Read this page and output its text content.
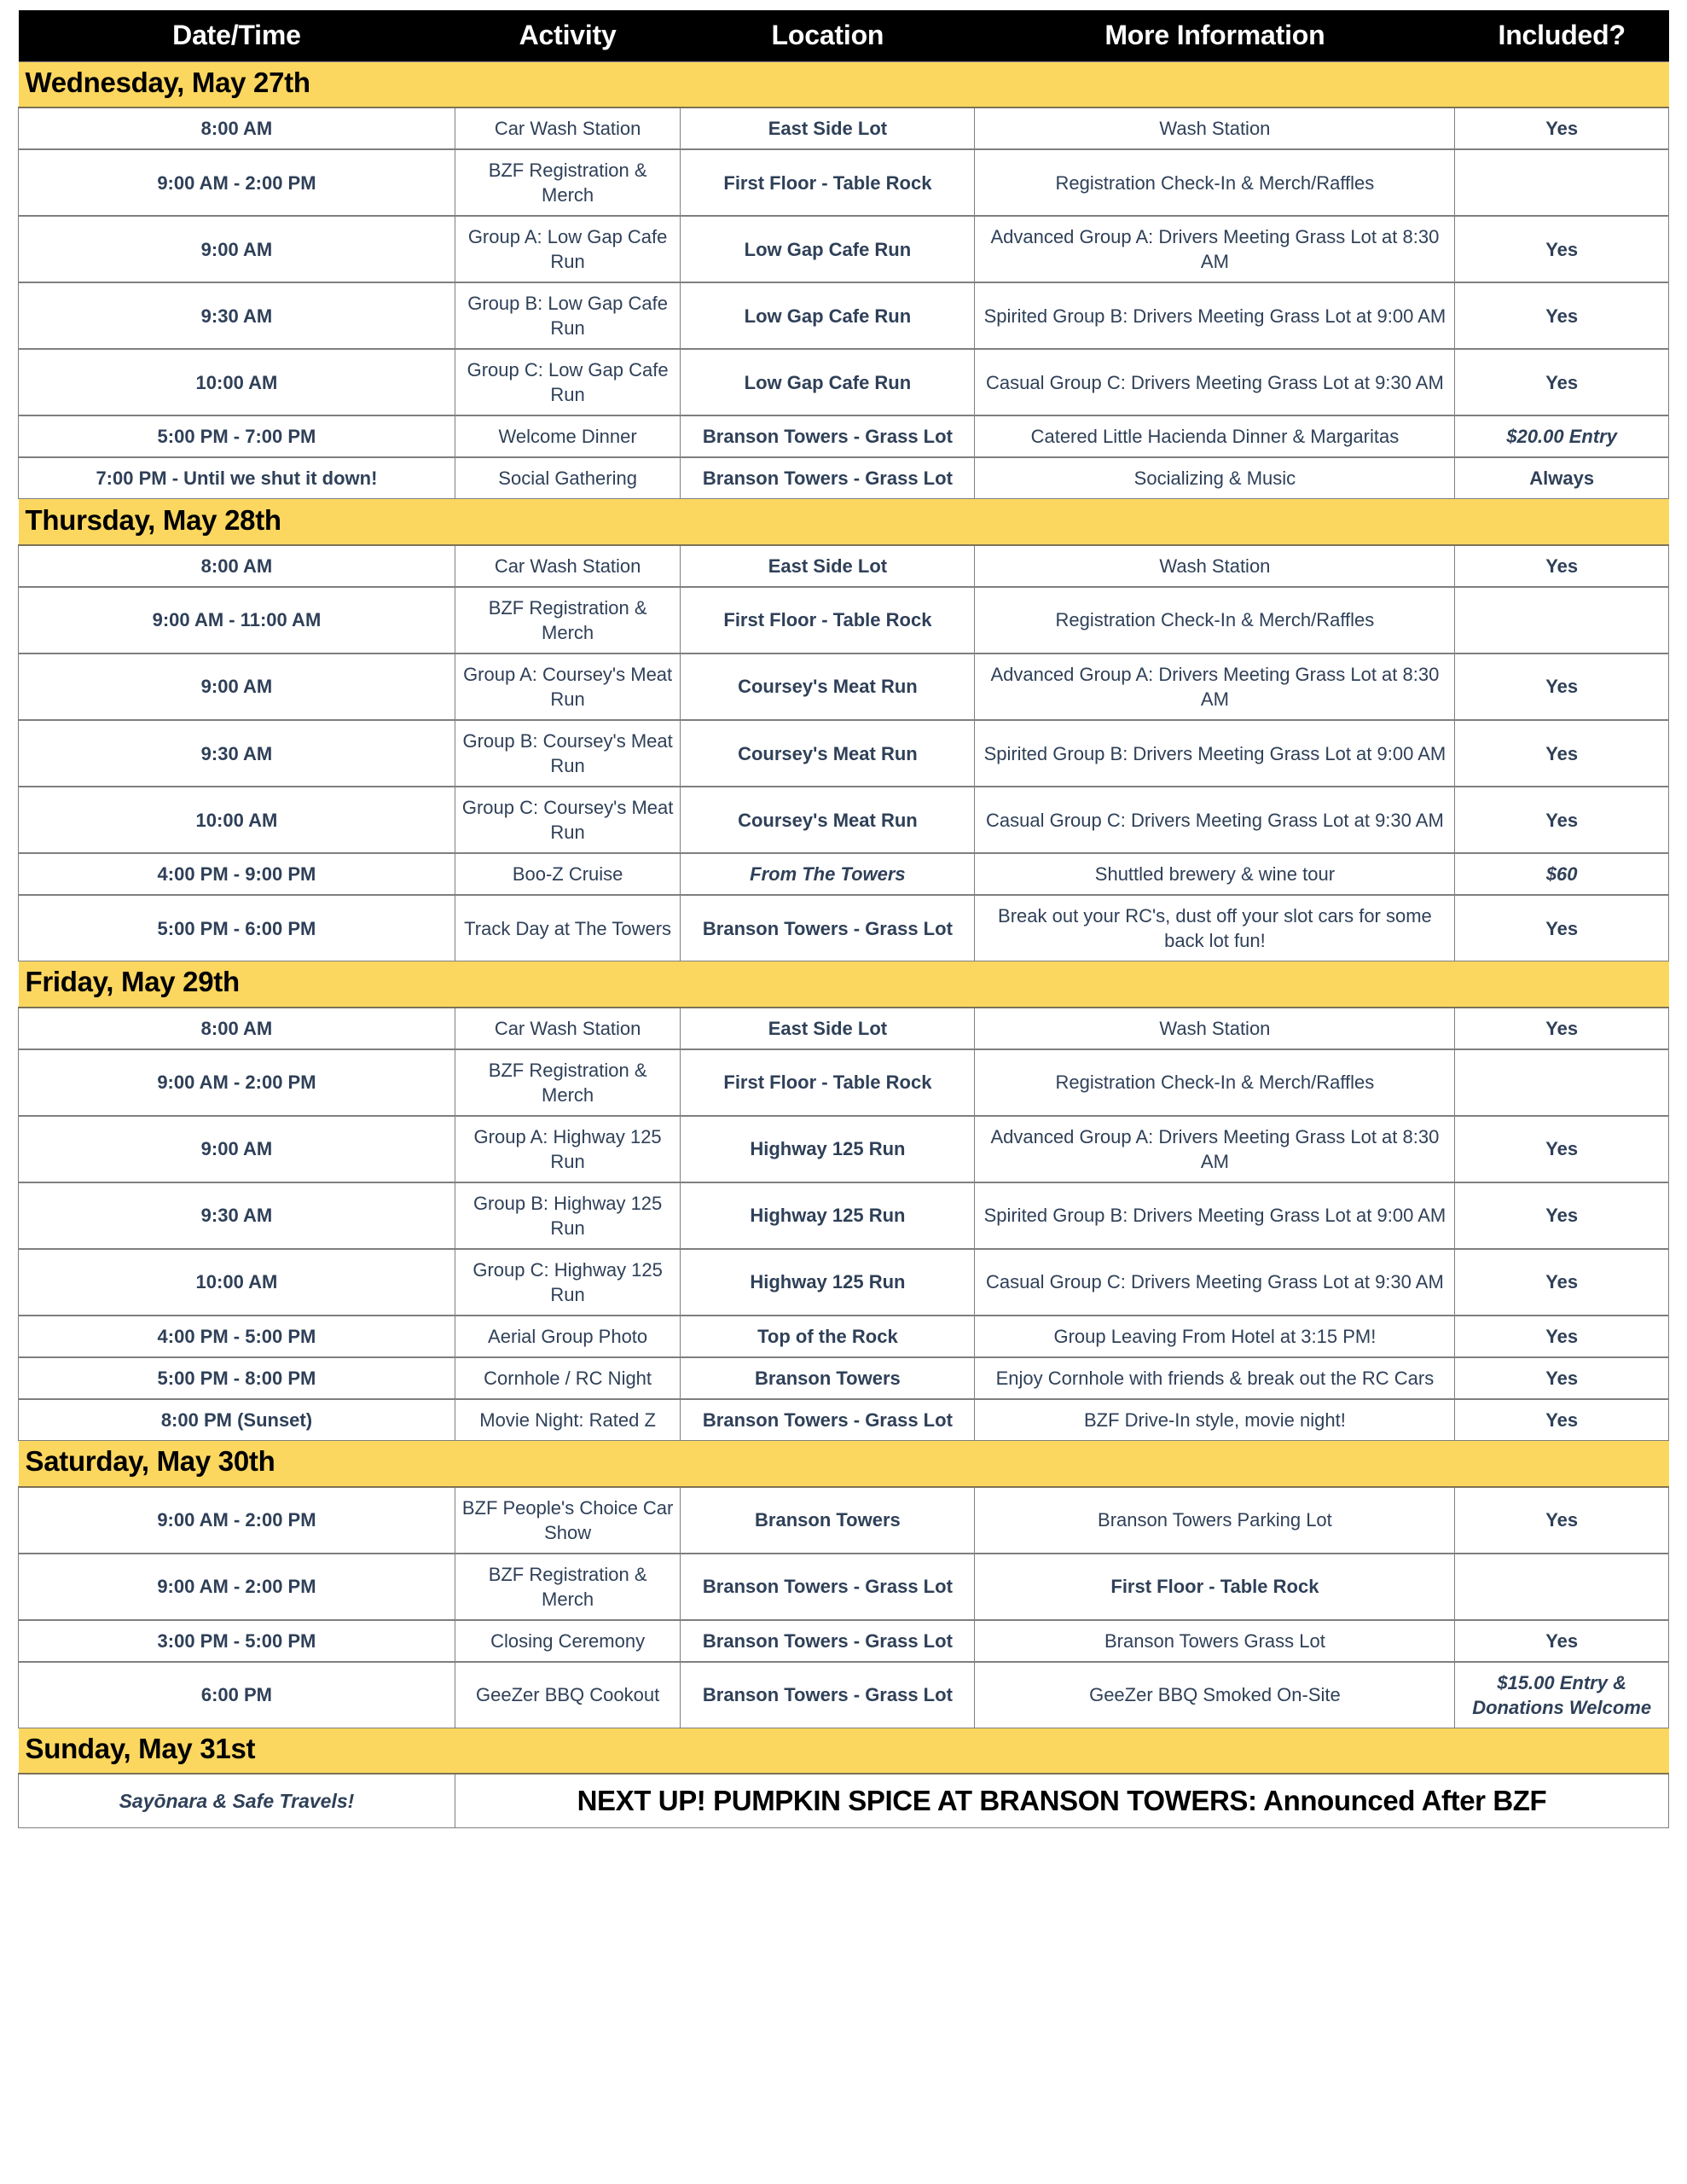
Date/Time	Activity	Location	More Information	Included?
Wednesday, May 27th				
8:00 AM	Car Wash Station	East Side Lot	Wash Station	Yes
9:00 AM - 2:00 PM	BZF Registration & Merch	First Floor - Table Rock	Registration Check-In & Merch/Raffles	
9:00 AM	Group A: Low Gap Cafe Run	Low Gap Cafe Run	Advanced Group A: Drivers Meeting Grass Lot at 8:30 AM	Yes
9:30 AM	Group B: Low Gap Cafe Run	Low Gap Cafe Run	Spirited Group B: Drivers Meeting Grass Lot at 9:00 AM	Yes
10:00 AM	Group C: Low Gap Cafe Run	Low Gap Cafe Run	Casual Group C: Drivers Meeting Grass Lot at 9:30 AM	Yes
5:00 PM - 7:00 PM	Welcome Dinner	Branson Towers - Grass Lot	Catered Little Hacienda Dinner & Margaritas	$20.00 Entry
7:00 PM - Until we shut it down!	Social Gathering	Branson Towers - Grass Lot	Socializing & Music	Always
Thursday, May 28th				
8:00 AM	Car Wash Station	East Side Lot	Wash Station	Yes
9:00 AM - 11:00 AM	BZF Registration & Merch	First Floor - Table Rock	Registration Check-In & Merch/Raffles	
9:00 AM	Group A: Coursey's Meat Run	Coursey's Meat Run	Advanced Group A: Drivers Meeting Grass Lot at 8:30 AM	Yes
9:30 AM	Group B: Coursey's Meat Run	Coursey's Meat Run	Spirited Group B: Drivers Meeting Grass Lot at 9:00 AM	Yes
10:00 AM	Group C: Coursey's Meat Run	Coursey's Meat Run	Casual Group C: Drivers Meeting Grass Lot at 9:30 AM	Yes
4:00 PM - 9:00 PM	Boo-Z Cruise	From The Towers	Shuttled brewery & wine tour	$60
5:00 PM - 6:00 PM	Track Day at The Towers	Branson Towers - Grass Lot	Break out your RC's, dust off your slot cars for some back lot fun!	Yes
Friday, May 29th				
8:00 AM	Car Wash Station	East Side Lot	Wash Station	Yes
9:00 AM - 2:00 PM	BZF Registration & Merch	First Floor - Table Rock	Registration Check-In & Merch/Raffles	
9:00 AM	Group A: Highway 125 Run	Highway 125 Run	Advanced Group A: Drivers Meeting Grass Lot at 8:30 AM	Yes
9:30 AM	Group B: Highway 125 Run	Highway 125 Run	Spirited Group B: Drivers Meeting Grass Lot at 9:00 AM	Yes
10:00 AM	Group C: Highway 125 Run	Highway 125 Run	Casual Group C: Drivers Meeting Grass Lot at 9:30 AM	Yes
4:00 PM - 5:00 PM	Aerial Group Photo	Top of the Rock	Group Leaving From Hotel at 3:15 PM!	Yes
5:00 PM - 8:00 PM	Cornhole / RC Night	Branson Towers	Enjoy Cornhole with friends & break out the RC Cars	Yes
8:00 PM (Sunset)	Movie Night: Rated Z	Branson Towers - Grass Lot	BZF Drive-In style, movie night!	Yes
Saturday, May 30th				
9:00 AM - 2:00 PM	BZF People's Choice Car Show	Branson Towers	Branson Towers Parking Lot	Yes
9:00 AM - 2:00 PM	BZF Registration & Merch	Branson Towers - Grass Lot	First Floor - Table Rock	
3:00 PM - 5:00 PM	Closing Ceremony	Branson Towers - Grass Lot	Branson Towers Grass Lot	Yes
6:00 PM	GeeZer BBQ Cookout	Branson Towers - Grass Lot	GeeZer BBQ Smoked On-Site	$15.00 Entry & Donations Welcome
Sunday, May 31st				
Sayōnara & Safe Travels!	NEXT UP! PUMPKIN SPICE AT BRANSON TOWERS: Announced After BZF			
